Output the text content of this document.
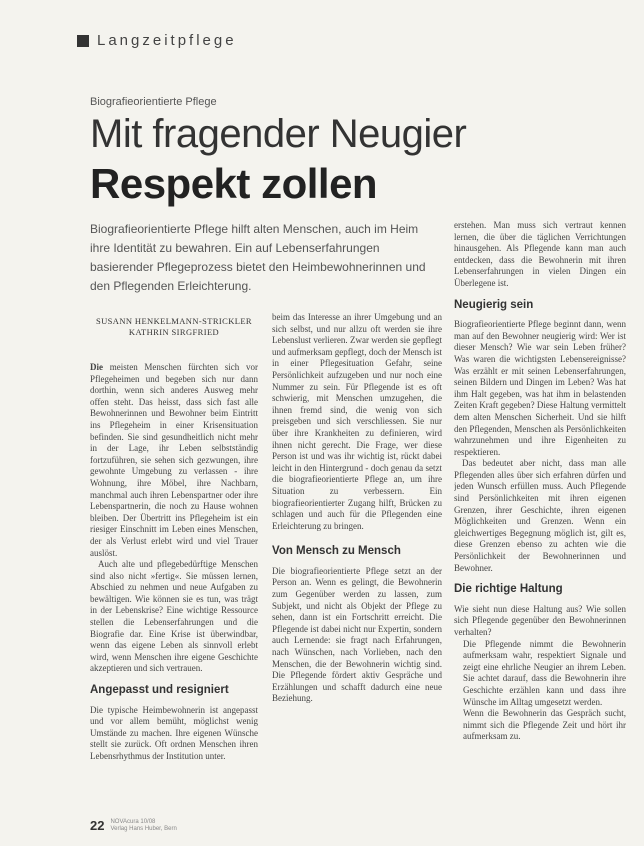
Langzeitpflege
Biografieorientierte Pflege
Mit fragender Neugier
Respekt zollen

Biografieorientierte Pflege hilft alten Menschen, auch im Heim ihre Identität zu bewahren. Ein auf Lebenserfahrungen basierender Pflegeprozess bietet den Heimbewohnerinnen und den Pflegenden Erleichterung.

SUSANN HENKELMANN-STRICKLER
KATHRIN SIRGFRIED

Die meisten Menschen fürchten sich vor Pflegeheimen und begeben sich nur dann dorthin, wenn sich anderes Ausweg mehr offen steht. Das heisst, dass sich fast alle Bewohnerinnen und Bewohner beim Eintritt ins Pflegeheim in einer Krisensituation befinden. Sie sind gesundheitlich nicht mehr in der Lage, ihr Leben selbstständig fortzuführen, sie sehen sich gezwungen, ihre gewohnte Umgebung zu verlassen - ihre Wohnung, ihre Möbel, ihre Nachbarn, manchmal auch ihren Lebenspartner oder ihre Lebenspartnerin, die noch zu Hause wohnen bleiben. Der Übertritt ins Pflegeheim ist ein riesiger Einschnitt im Leben eines Menschen, der als Verlust erlebt wird und viel Trauer auslöst.

Auch alte und pflegebedürftige Menschen sind also nicht »fertig«. Sie müssen lernen, Abschied zu nehmen und neue Aufgaben zu bewältigen. Wie können sie es tun, was trägt in der Lebenskrise? Eine wichtige Ressource stellen die Lebenserfahrungen und die Biografie dar. Eine Krise ist überwindbar, wenn das eigene Leben als sinnvoll erlebt wird, wenn Menschen ihre eigene Geschichte akzeptieren und sich vertrauen.

Angepasst und resigniert

Die typische Heimbewohnerin ist angepasst und vor allem bemüht, möglichst wenig Umstände zu machen. Ihre eigenen Wünsche stellt sie zurück. Oft ordnen Menschen ihren Lebensrhythmus der Institution unter.

beim das Interesse an ihrer Umgebung und an sich selbst, und nur allzu oft werden sie ihre Lebenslust verlieren. Zwar werden sie gepflegt und aufmerksam gepflegt, doch der Mensch ist in einer Pflegesituation Gefahr, seine Persönlichkeit aufzugeben und nur noch eine Nummer zu sein. Für Pflegende ist es oft schwierig, mit Menschen umzugehen, die ihnen fremd sind, die wenig von sich preisgeben und sich verschliessen. Sie nur über ihre Krankheiten zu definieren, wird ihnen nicht gerecht. Die Frage, wer diese Person ist und was ihr wichtig ist, rückt dabei leicht in den Hintergrund - doch genau da setzt die biografieorientierte Pflege an, um ihre Situation zu verbessern. Ein biografieorientierter Zugang hilft, Brücken zu schlagen und auch für die Pflegenden eine Erleichterung zu bringen.

Von Mensch zu Mensch

Die biografieorientierte Pflege setzt an der Person an. Wenn es gelingt, die Bewohnerin zum Gegenüber werden zu lassen, zum Subjekt, und nicht als Objekt der Pflege zu sehen, dann ist ein Fortschritt erreicht. Die Pflegende ist dabei nicht nur Expertin, sondern auch Lernende: sie fragt nach Erfahrungen, nach Wünschen, nach Vorlieben, nach den Menschen, die der Bewohnerin wichtig sind. Die Pflegende fördert aktiv Gespräche und Erzählungen und schafft dadurch eine neue Beziehung.

erstehen. Man muss sich vertraut kennen lernen, die über die täglichen Verrichtungen hinausgehen. Als Pflegende kann man auch entdecken, dass die Bewohnerin mit ihren Lebenserfahrungen in vielen Dingen ein Überlegene ist.

Neugierig sein

Biografieorientierte Pflege beginnt dann, wenn man auf den Bewohner neugierig wird: Wer ist dieser Mensch? Wie war sein Leben früher? Was waren die wichtigsten Lebensereignisse? Was erzählt er mit seinen Lebenserfahrungen, seinen Bildern und Dingen im Leben? Was hat ihm Halt gegeben, was hat ihm in belastenden Zeiten Kraft gegeben? Diese Haltung vermittelt dem alten Menschen Sicherheit. Und sie hilft den Pflegenden, Menschen als Persönlichkeiten wahrzunehmen und ihre Eigenheiten zu respektieren.

Das bedeutet aber nicht, dass man alle Pflegenden alles über sich erfahren dürfen und jeden Wunsch erfüllen muss. Auch Pflegende sind Persönlichkeiten mit ihren eigenen Grenzen, ihrer Geschichte, ihren eigenen Möglichkeiten und Grenzen. Wenn ein gleichwertiges Begegnung möglich ist, gilt es, diese Grenzen ebenso zu achten wie die Persönlichkeit der Bewohnerinnen und Bewohner.

Die richtige Haltung

Wie sieht nun diese Haltung aus? Wie sollen sich Pflegende gegenüber den Bewohnerinnen verhalten?

• Die Pflegende nimmt die Bewohnerin aufmerksam wahr, respektiert Signale und zeigt eine ehrliche Neugier an ihrem Leben. Sie achtet darauf, dass die Bewohnerin ihre Geschichte erzählen kann und dass ihre Wünsche im Alltag umgesetzt werden.
• Wenn die Bewohnerin das Gespräch sucht, nimmt sich die Pflegende Zeit und hört ihr aufmerksam zu.
22 NOVAcura 10/08
Verlag Hans Huber, Bern
